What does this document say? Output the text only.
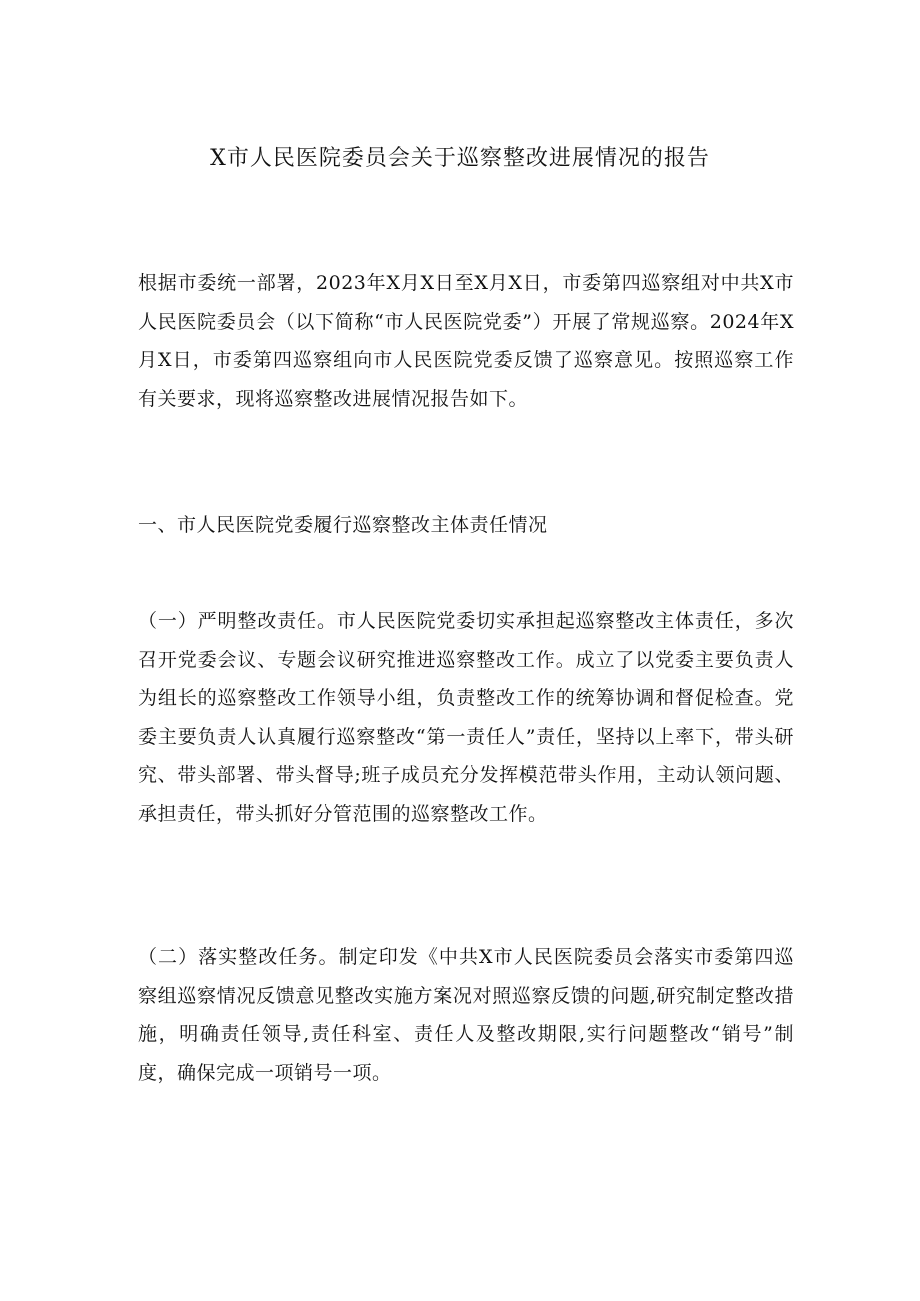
X市人民医院委员会关于巡察整改进展情况的报告

根据市委统一部署，2023年X月X日至X月X日，市委第四巡察组对中共X市人民医院委员会（以下简称“市人民医院党委”）开展了常规巡察。2024年X月X日，市委第四巡察组向市人民医院党委反馈了巡察意见。按照巡察工作有关要求，现将巡察整改进展情况报告如下。

一、市人民医院党委履行巡察整改主体责任情况

（一）严明整改责任。市人民医院党委切实承担起巡察整改主体责任，多次召开党委会议、专题会议研究推进巡察整改工作。成立了以党委主要负责人为组长的巡察整改工作领导小组，负责整改工作的统筹协调和督促检查。党委主要负责人认真履行巡察整改“第一责任人”责任，坚持以上率下，带头研究、带头部署、带头督导;班子成员充分发挥模范带头作用，主动认领问题、承担责任，带头抓好分管范围的巡察整改工作。

（二）落实整改任务。制定印发《中共X市人民医院委员会落实市委第四巡察组巡察情况反馈意见整改实施方案况对照巡察反馈的问题,研究制定整改措施，明确责任领导,责任科室、责任人及整改期限,实行问题整改“销号”制度，确保完成一项销号一项。
